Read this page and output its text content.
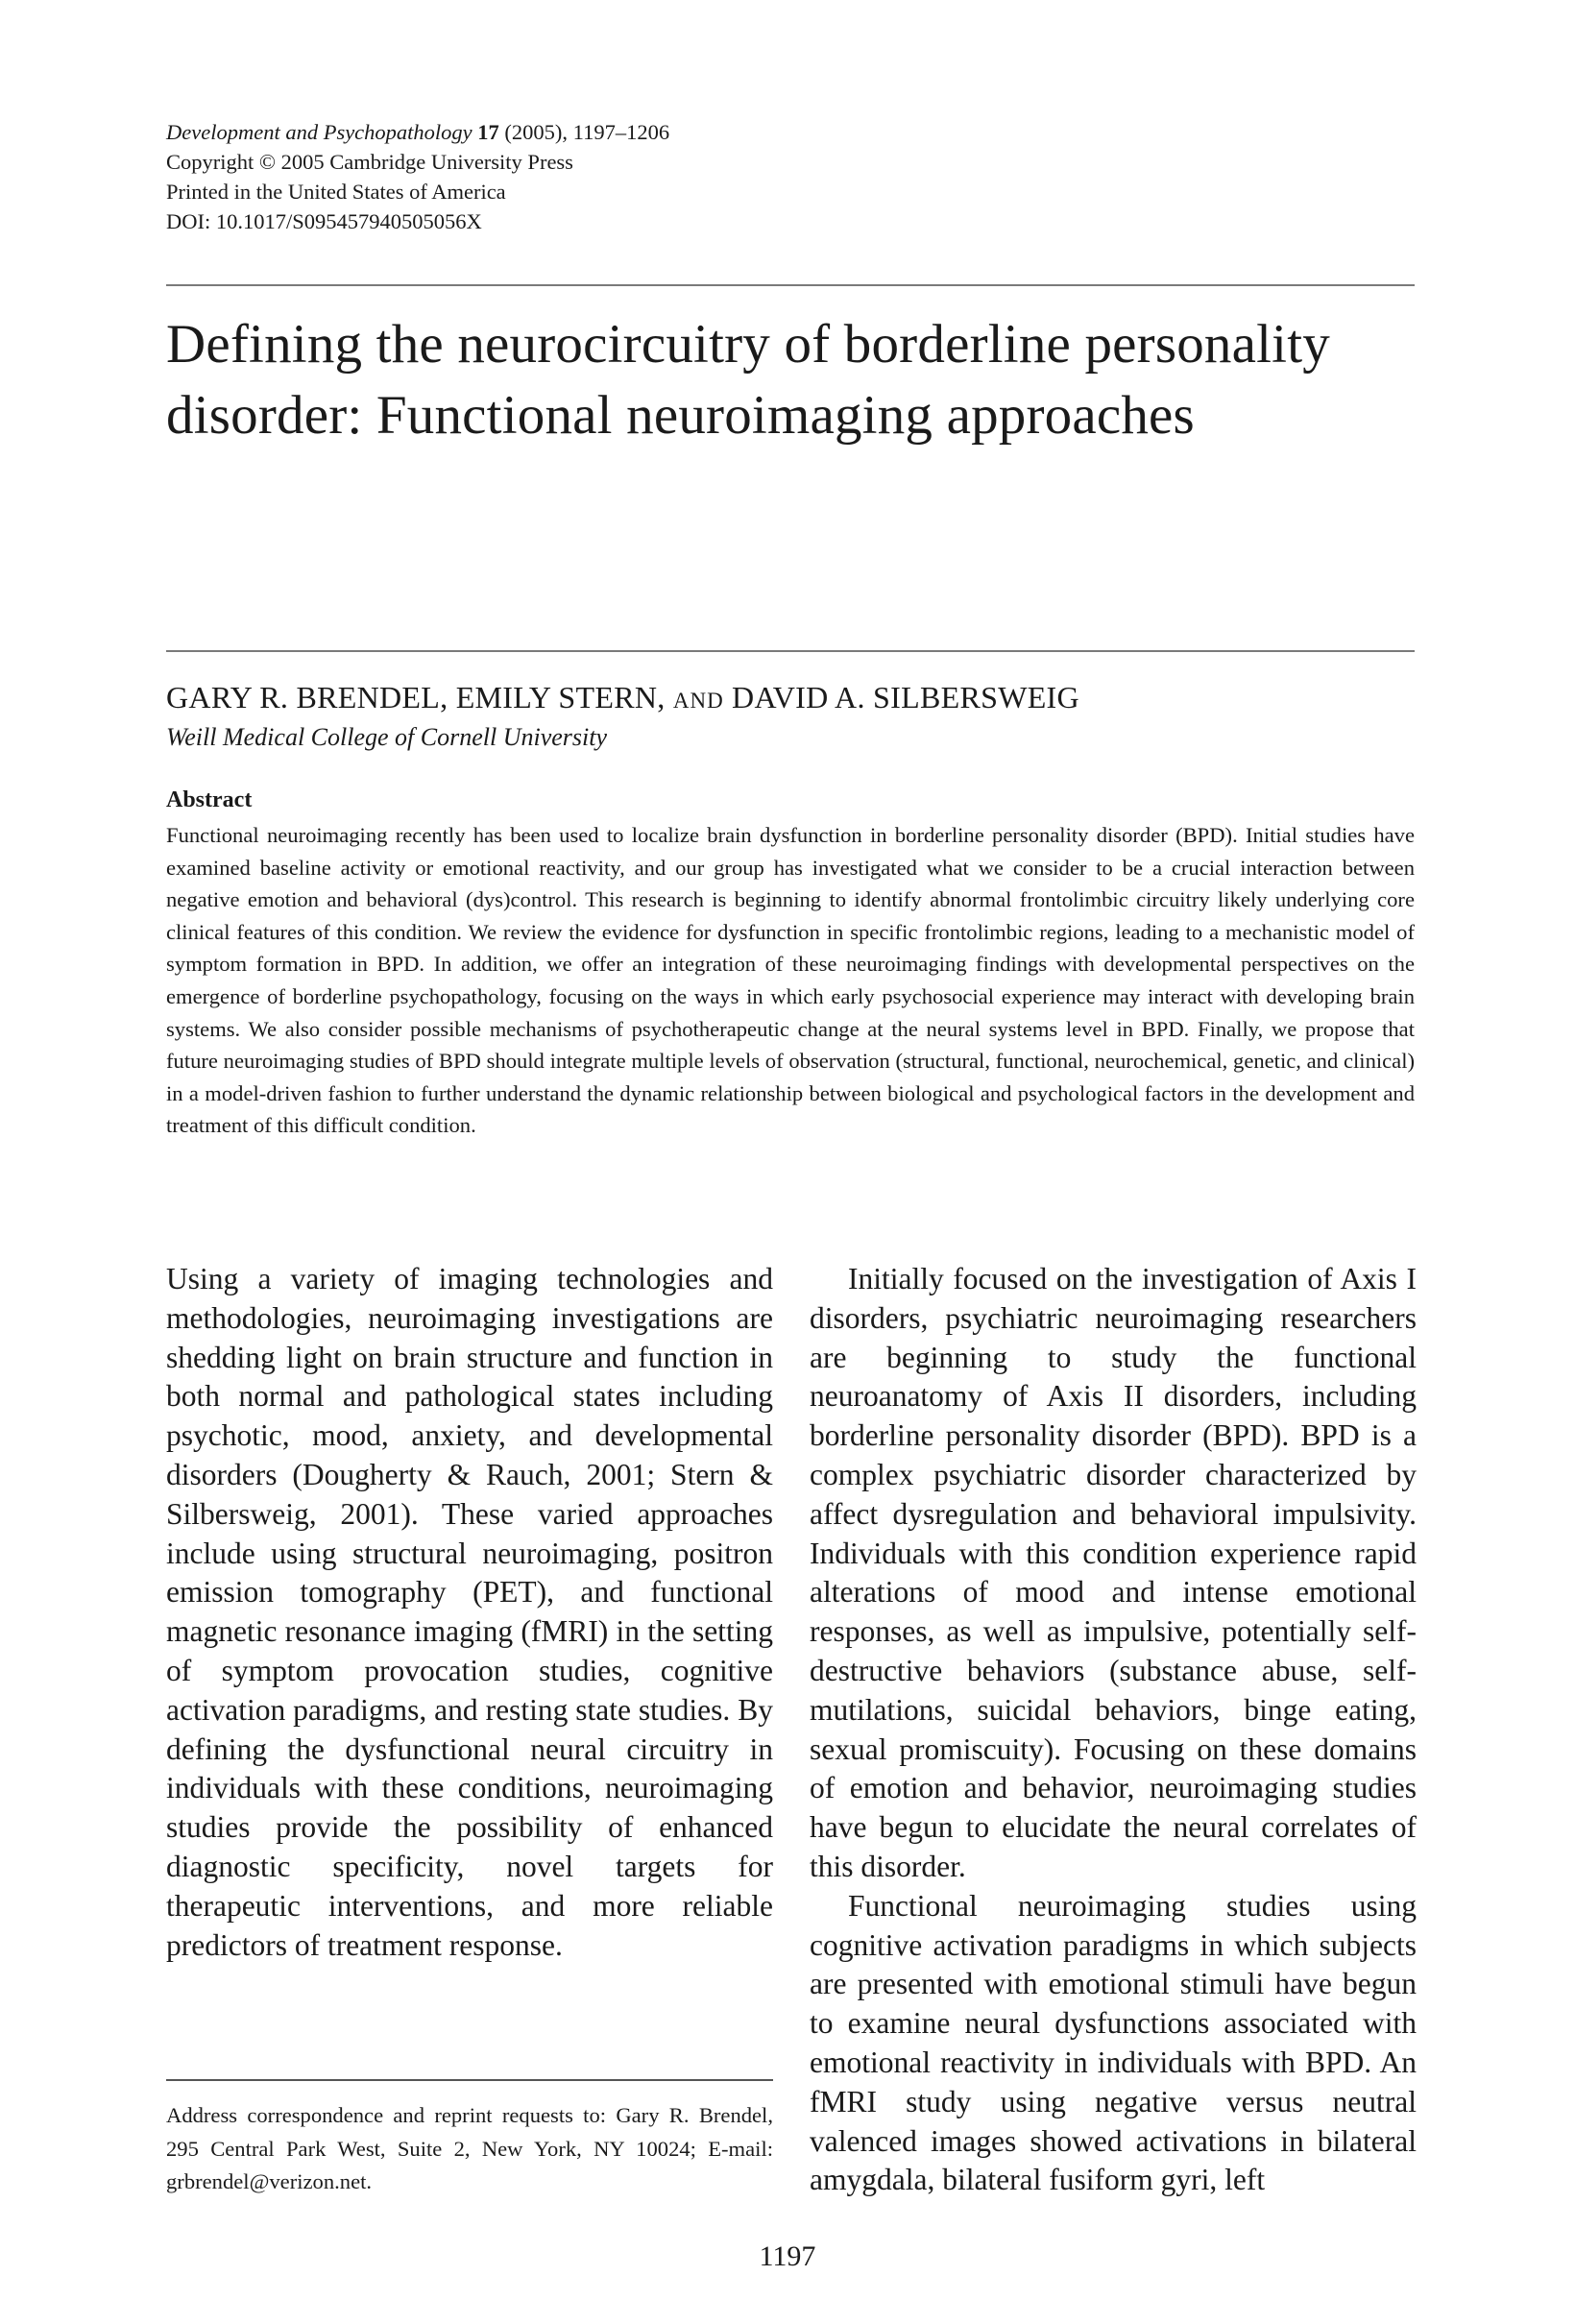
Development and Psychopathology 17 (2005), 1197–1206
Copyright © 2005 Cambridge University Press
Printed in the United States of America
DOI: 10.1017/S095457940505056X
Defining the neurocircuitry of borderline personality disorder: Functional neuroimaging approaches
GARY R. BRENDEL, EMILY STERN, AND DAVID A. SILBERSWEIG
Weill Medical College of Cornell University
Abstract
Functional neuroimaging recently has been used to localize brain dysfunction in borderline personality disorder (BPD). Initial studies have examined baseline activity or emotional reactivity, and our group has investigated what we consider to be a crucial interaction between negative emotion and behavioral (dys)control. This research is beginning to identify abnormal frontolimbic circuitry likely underlying core clinical features of this condition. We review the evidence for dysfunction in specific frontolimbic regions, leading to a mechanistic model of symptom formation in BPD. In addition, we offer an integration of these neuroimaging findings with developmental perspectives on the emergence of borderline psychopathology, focusing on the ways in which early psychosocial experience may interact with developing brain systems. We also consider possible mechanisms of psychotherapeutic change at the neural systems level in BPD. Finally, we propose that future neuroimaging studies of BPD should integrate multiple levels of observation (structural, functional, neurochemical, genetic, and clinical) in a model-driven fashion to further understand the dynamic relationship between biological and psychological factors in the development and treatment of this difficult condition.

Using a variety of imaging technologies and methodologies, neuroimaging investigations are shedding light on brain structure and function in both normal and pathological states including psychotic, mood, anxiety, and developmental disorders (Dougherty & Rauch, 2001; Stern & Silbersweig, 2001). These varied approaches include using structural neuroimaging, positron emission tomography (PET), and functional magnetic resonance imaging (fMRI) in the setting of symptom provocation studies, cognitive activation paradigms, and resting state studies. By defining the dysfunctional neural circuitry in individuals with these conditions, neuroimaging studies provide the possibility of enhanced diagnostic specificity, novel targets for therapeutic interventions, and more reliable predictors of treatment response.

Initially focused on the investigation of Axis I disorders, psychiatric neuroimaging researchers are beginning to study the functional neuroanatomy of Axis II disorders, including borderline personality disorder (BPD). BPD is a complex psychiatric disorder characterized by affect dysregulation and behavioral impulsivity. Individuals with this condition experience rapid alterations of mood and intense emotional responses, as well as impulsive, potentially self-destructive behaviors (substance abuse, self-mutilations, suicidal behaviors, binge eating, sexual promiscuity). Focusing on these domains of emotion and behavior, neuroimaging studies have begun to elucidate the neural correlates of this disorder.

Functional neuroimaging studies using cognitive activation paradigms in which subjects are presented with emotional stimuli have begun to examine neural dysfunctions associated with emotional reactivity in individuals with BPD. An fMRI study using negative versus neutral valenced images showed activations in bilateral amygdala, bilateral fusiform gyri, left

Address correspondence and reprint requests to: Gary R. Brendel, 295 Central Park West, Suite 2, New York, NY 10024; E-mail: grbrendel@verizon.net.
1197
